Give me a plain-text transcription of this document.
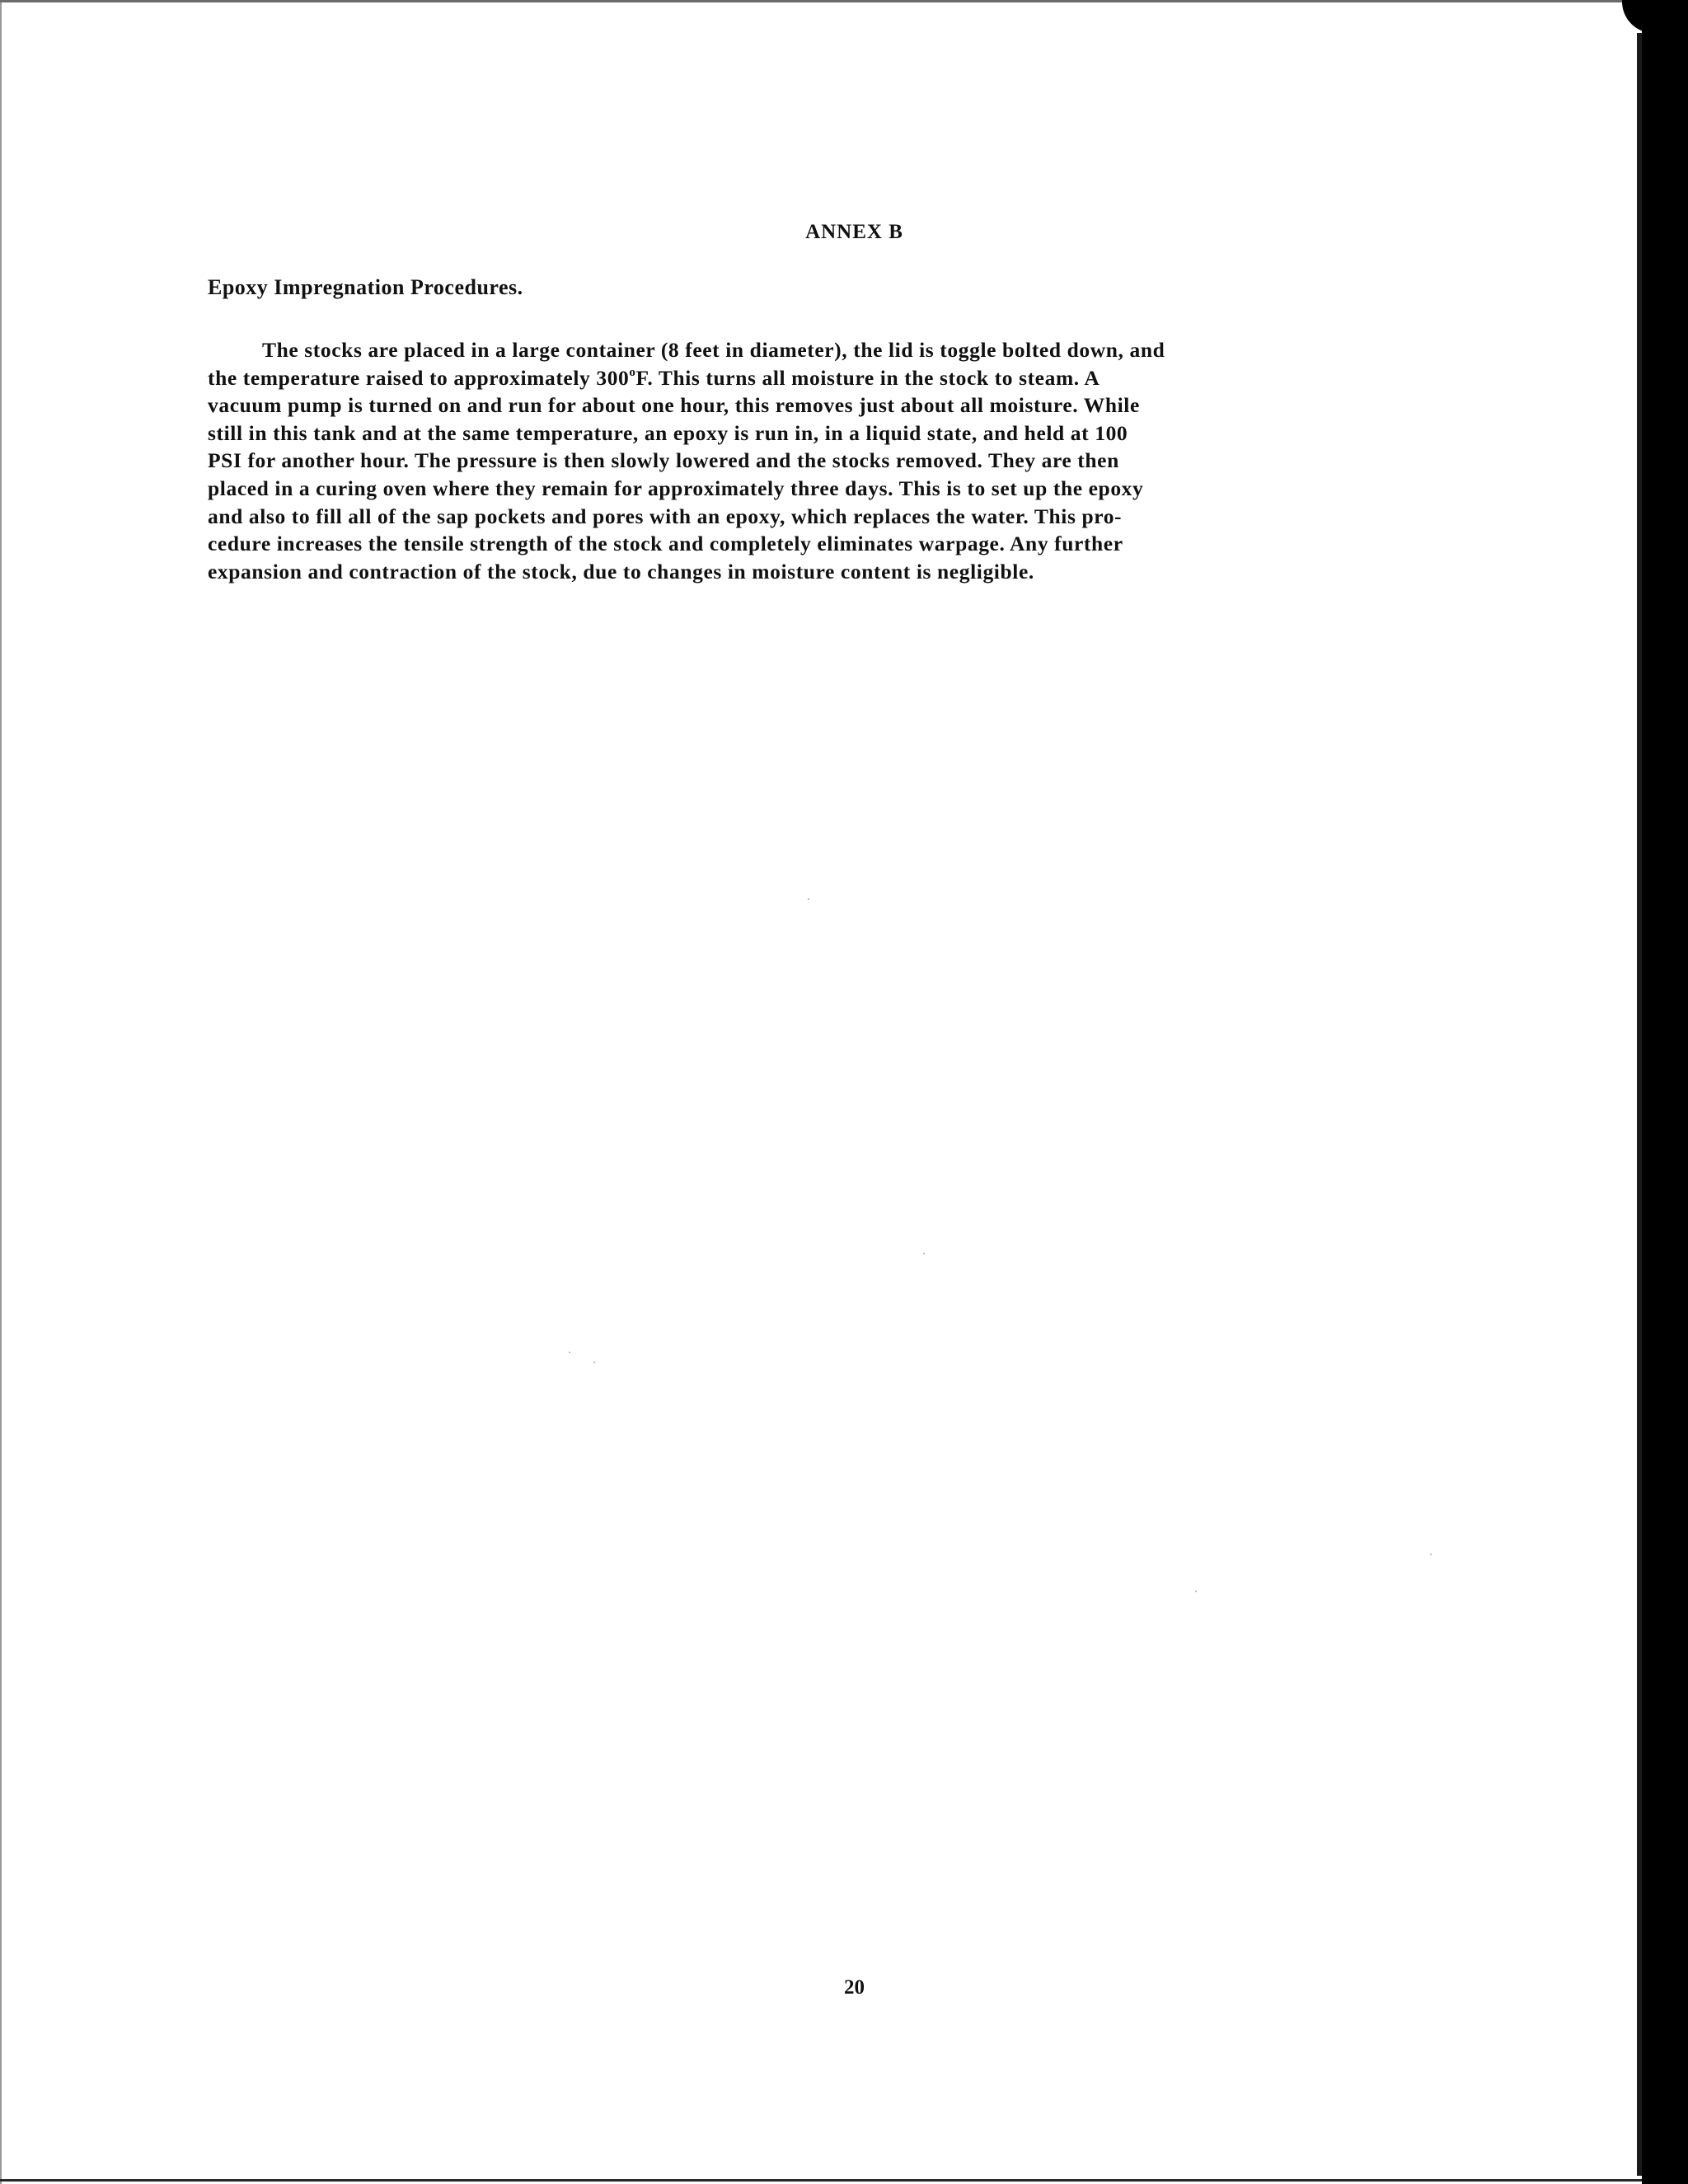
ANNEX B
Epoxy Impregnation Procedures.
The stocks are placed in a large container (8 feet in diameter), the lid is toggle bolted down, and
the temperature raised to approximately 300$^o$F. This turns all moisture in the stock to steam. A
vacuum pump is turned on and run for about one hour, this removes just about all moisture. While
still in this tank and at the same temperature, an epoxy is run in, in a liquid state, and held at 100
PSI for another hour. The pressure is then slowly lowered and the stocks removed. They are then
placed in a curing oven where they remain for approximately three days. This is to set up the epoxy
and also to fill all of the sap pockets and pores with an epoxy, which replaces the water. This pro-
cedure increases the tensile strength of the stock and completely eliminates warpage. Any further
expansion and contraction of the stock, due to changes in moisture content is negligible.
20
